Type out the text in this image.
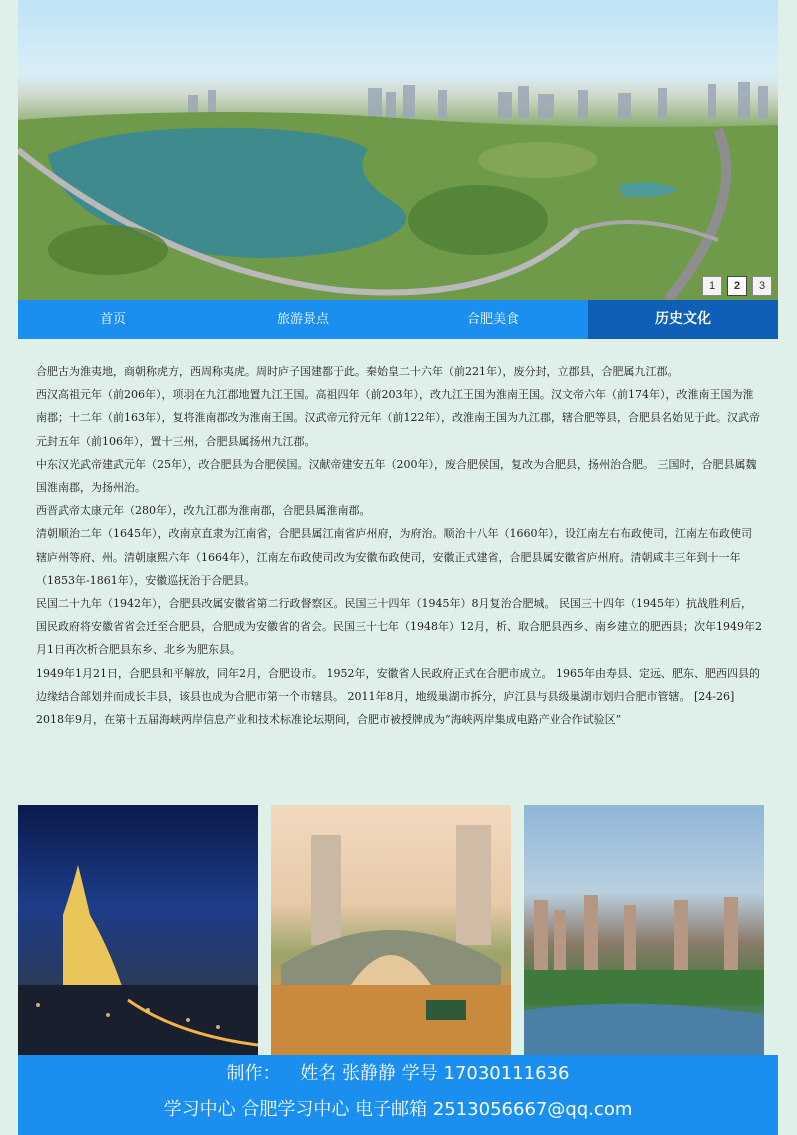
1	2	3
首页	旅游景点	合肥美食	历史文化

合肥古为淮夷地，商朝称虎方，西周称夷虎。周时庐子国建都于此。秦始皇二十六年（前221年），废分封，立郡县，合肥属九江郡。

西汉高祖元年（前206年），项羽在九江郡地置九江王国。高祖四年（前203年），改九江王国为淮南王国。汉文帝六年（前174年），改淮南王国为淮南郡；十二年（前163年），复将淮南郡改为淮南王国。汉武帝元狩元年（前122年），改淮南王国为九江郡，辖合肥等县，合肥县名始见于此。汉武帝元封五年（前106年），置十三州，合肥县属扬州九江郡。

中东汉光武帝建武元年（25年），改合肥县为合肥侯国。汉献帝建安五年（200年），废合肥侯国，复改为合肥县，扬州治合肥。 三国时，合肥县属魏国淮南郡，为扬州治。

西晋武帝太康元年（280年），改九江郡为淮南郡，合肥县属淮南郡。

清朝顺治二年（1645年），改南京直隶为江南省，合肥县属江南省庐州府，为府治。顺治十八年（1660年），设江南左右布政使司，江南左布政使司辖庐州等府、州。清朝康熙六年（1664年），江南左布政使司改为安徽布政使司，安徽正式建省，合肥县属安徽省庐州府。清朝咸丰三年到十一年（1853年-1861年），安徽巡抚治于合肥县。

民国二十九年（1942年），合肥县改属安徽省第二行政督察区。民国三十四年（1945年）8月复治合肥城。 民国三十四年（1945年）抗战胜利后，国民政府将安徽省省会迁至合肥县，合肥成为安徽省的省会。民国三十七年（1948年）12月，析、取合肥县西乡、南乡建立的肥西县；次年1949年2月1日再次析合肥县东乡、北乡为肥东县。

1949年1月21日，合肥县和平解放，同年2月，合肥设市。 1952年，安徽省人民政府正式在合肥市成立。 1965年由寿县、定远、肥东、肥西四县的边缘结合部划并而成长丰县，该县也成为合肥市第一个市辖县。 2011年8月，地级巢湖市拆分，庐江县与县级巢湖市划归合肥市管辖。 [24-26] 2018年9月，在第十五届海峡两岸信息产业和技术标准论坛期间，合肥市被授牌成为“海峡两岸集成电路产业合作试验区”

制作： 姓名 张静静 学号 17030111636
学习中心 合肥学习中心 电子邮箱 2513056667@qq.com
